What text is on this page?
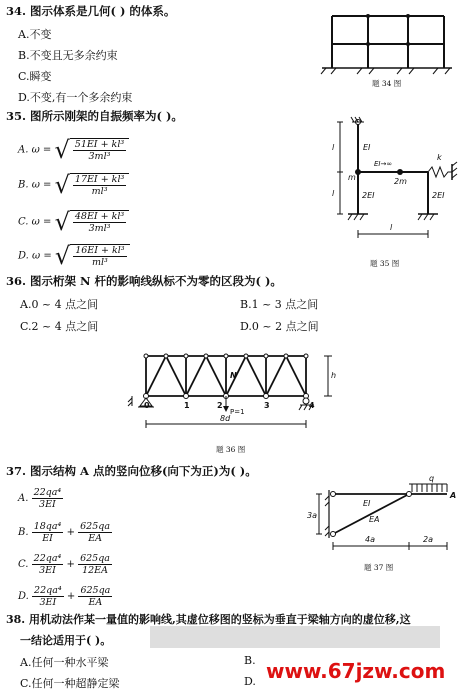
34. 图示体系是几何( ) 的体系。
A.不变
B.不变且无多余约束
C.瞬变
D.不变,有一个多余约束
题 34 图
35. 图所示刚架的自振频率为( )。
A. ω = √ $\frac{\text{51EI + kl³}}{\text{3ml³}}$
B. ω = √ $\frac{\text{17EI + kl³}}{\text{ml³}}$
C. ω = √ $\frac{\text{48EI + kl³}}{\text{3ml³}}$
D. ω = √ $\frac{\text{16EI + kl³}}{\text{ml³}}$
l
l
l
EI
EI→∞
m	2m
k
2EI	2EI
题 35 图
36. 图示桁架 N 杆的影响线纵标不为零的区段为( )。
A.0 ~ 4 点之间	B.1 ~ 3 点之间
C.2 ~ 4 点之间	D.0 ~ 2 点之间
0	1	2	3	4
N	h
P=1
8d
题 36 图
37. 图示结构 A 点的竖向位移(向下为正)为( )。
A. $\frac{\text{22qa⁴}}{3EI}$
B. $\frac{\text{18qa⁴}}{EI} + \frac{625qa}{EA}$
C. $\frac{\text{22qa⁴}}{3EI} + \frac{625qa}{12EA}$
D. $\frac{\text{22qa⁴}}{3EI} + \frac{625qa}{EA}$
q
EI
EA
3a
A
4a	2a
题 37 图
38. 用机动法作某一量值的影响线,其虚位移图的竖标为垂直于梁轴方向的虚位移,这
一结论适用于( )。
A.任何一种水平梁	B.
C.任何一种超静定梁	D. www.67jzw.com
